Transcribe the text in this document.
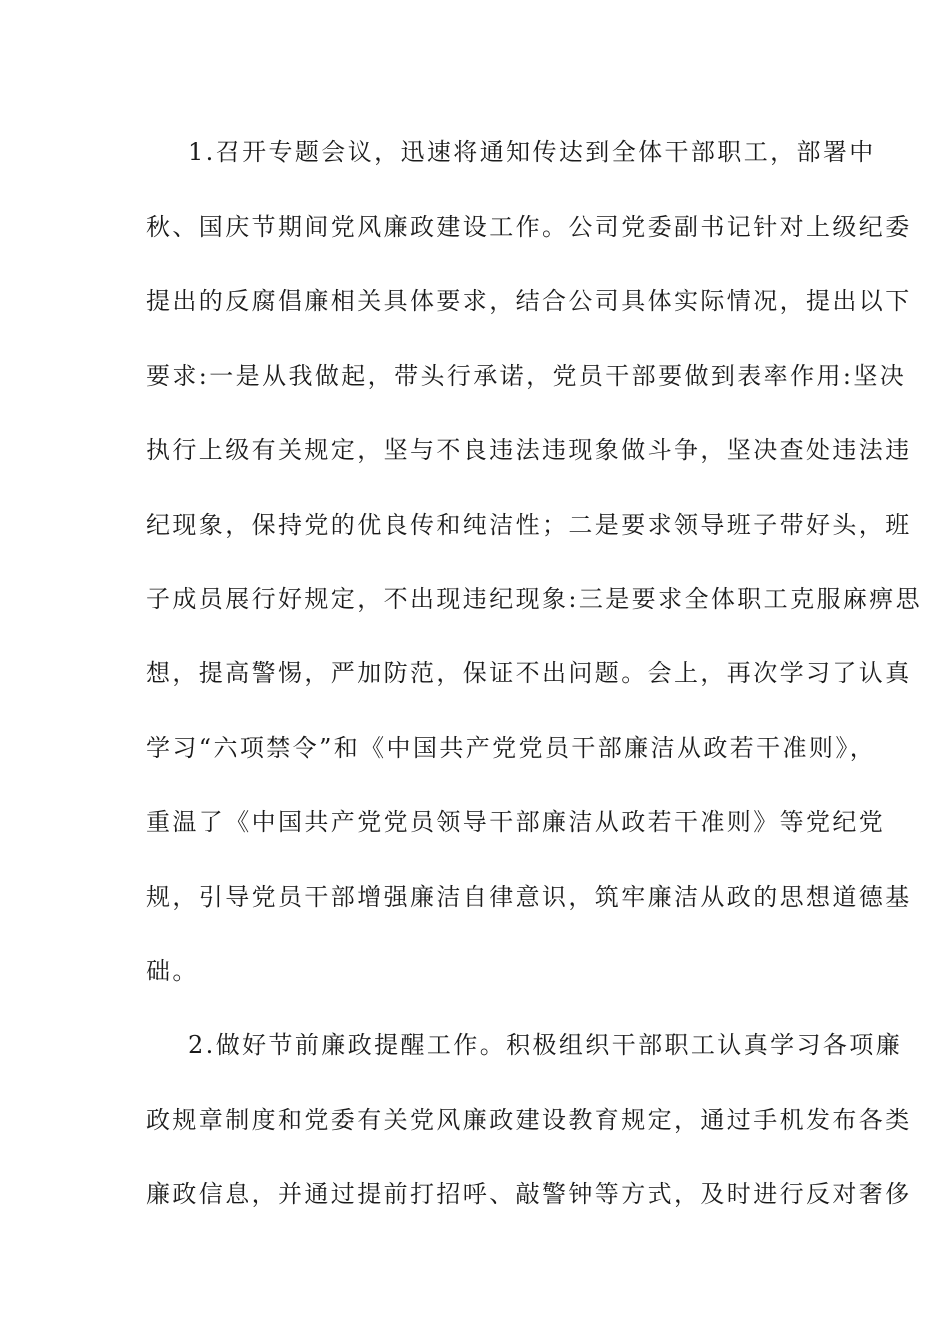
1.召开专题会议，迅速将通知传达到全体干部职工，部署中
秋、国庆节期间党风廉政建设工作。公司党委副书记针对上级纪委
提出的反腐倡廉相关具体要求，结合公司具体实际情况，提出以下
要求:一是从我做起，带头行承诺，党员干部要做到表率作用:坚决
执行上级有关规定，坚与不良违法违现象做斗争，坚决查处违法违
纪现象，保持党的优良传和纯洁性；二是要求领导班子带好头，班
子成员展行好规定，不出现违纪现象:三是要求全体职工克服麻痹思
想，提高警惕，严加防范，保证不出问题。会上，再次学习了认真
学习“六项禁令”和《中国共产党党员干部廉洁从政若干准则》，
重温了《中国共产党党员领导干部廉洁从政若干准则》等党纪党
规，引导党员干部增强廉洁自律意识，筑牢廉洁从政的思想道德基
础。
2.做好节前廉政提醒工作。积极组织干部职工认真学习各项廉
政规章制度和党委有关党风廉政建设教育规定，通过手机发布各类
廉政信息，并通过提前打招呼、敲警钟等方式，及时进行反对奢侈
